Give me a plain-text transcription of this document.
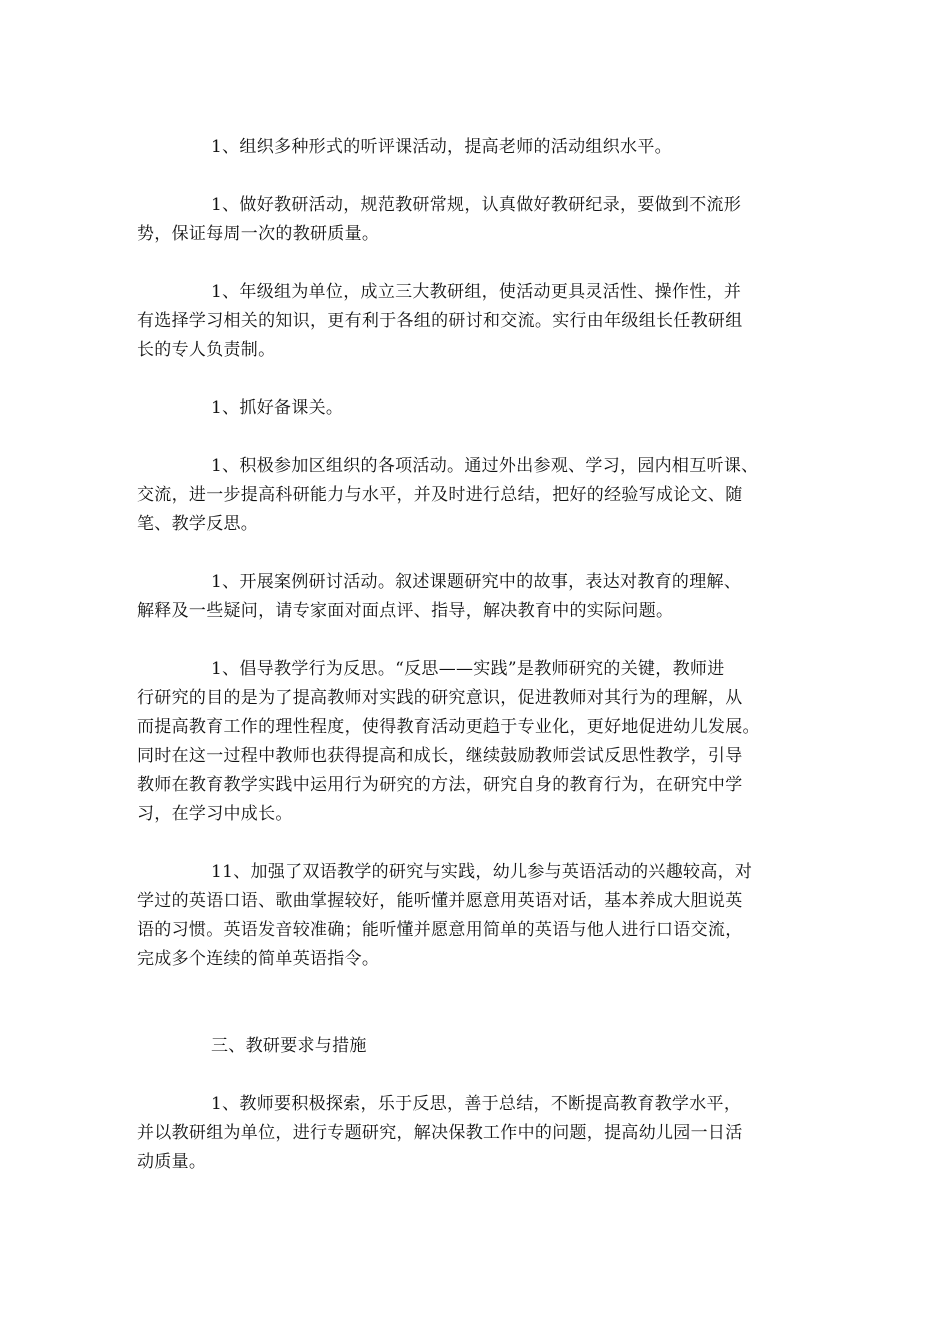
1、组织多种形式的听评课活动，提高老师的活动组织水平。
1、做好教研活动，规范教研常规，认真做好教研纪录，要做到不流形
势，保证每周一次的教研质量。
1、年级组为单位，成立三大教研组，使活动更具灵活性、操作性，并
有选择学习相关的知识，更有利于各组的研讨和交流。实行由年级组长任教研组
长的专人负责制。
1、抓好备课关。
1、积极参加区组织的各项活动。通过外出参观、学习，园内相互听课、
交流，进一步提高科研能力与水平，并及时进行总结，把好的经验写成论文、随
笔、教学反思。
1、开展案例研讨活动。叙述课题研究中的故事，表达对教育的理解、
解释及一些疑问，请专家面对面点评、指导，解决教育中的实际问题。
1、倡导教学行为反思。“反思——实践”是教师研究的关键，教师进
行研究的目的是为了提高教师对实践的研究意识，促进教师对其行为的理解，从
而提高教育工作的理性程度，使得教育活动更趋于专业化，更好地促进幼儿发展。
同时在这一过程中教师也获得提高和成长，继续鼓励教师尝试反思性教学，引导
教师在教育教学实践中运用行为研究的方法，研究自身的教育行为，在研究中学
习，在学习中成长。
11、加强了双语教学的研究与实践，幼儿参与英语活动的兴趣较高，对
学过的英语口语、歌曲掌握较好，能听懂并愿意用英语对话，基本养成大胆说英
语的习惯。英语发音较准确；能听懂并愿意用简单的英语与他人进行口语交流，
完成多个连续的简单英语指令。
三、教研要求与措施
1、教师要积极探索，乐于反思，善于总结，不断提高教育教学水平，
并以教研组为单位，进行专题研究，解决保教工作中的问题，提高幼儿园一日活
动质量。
